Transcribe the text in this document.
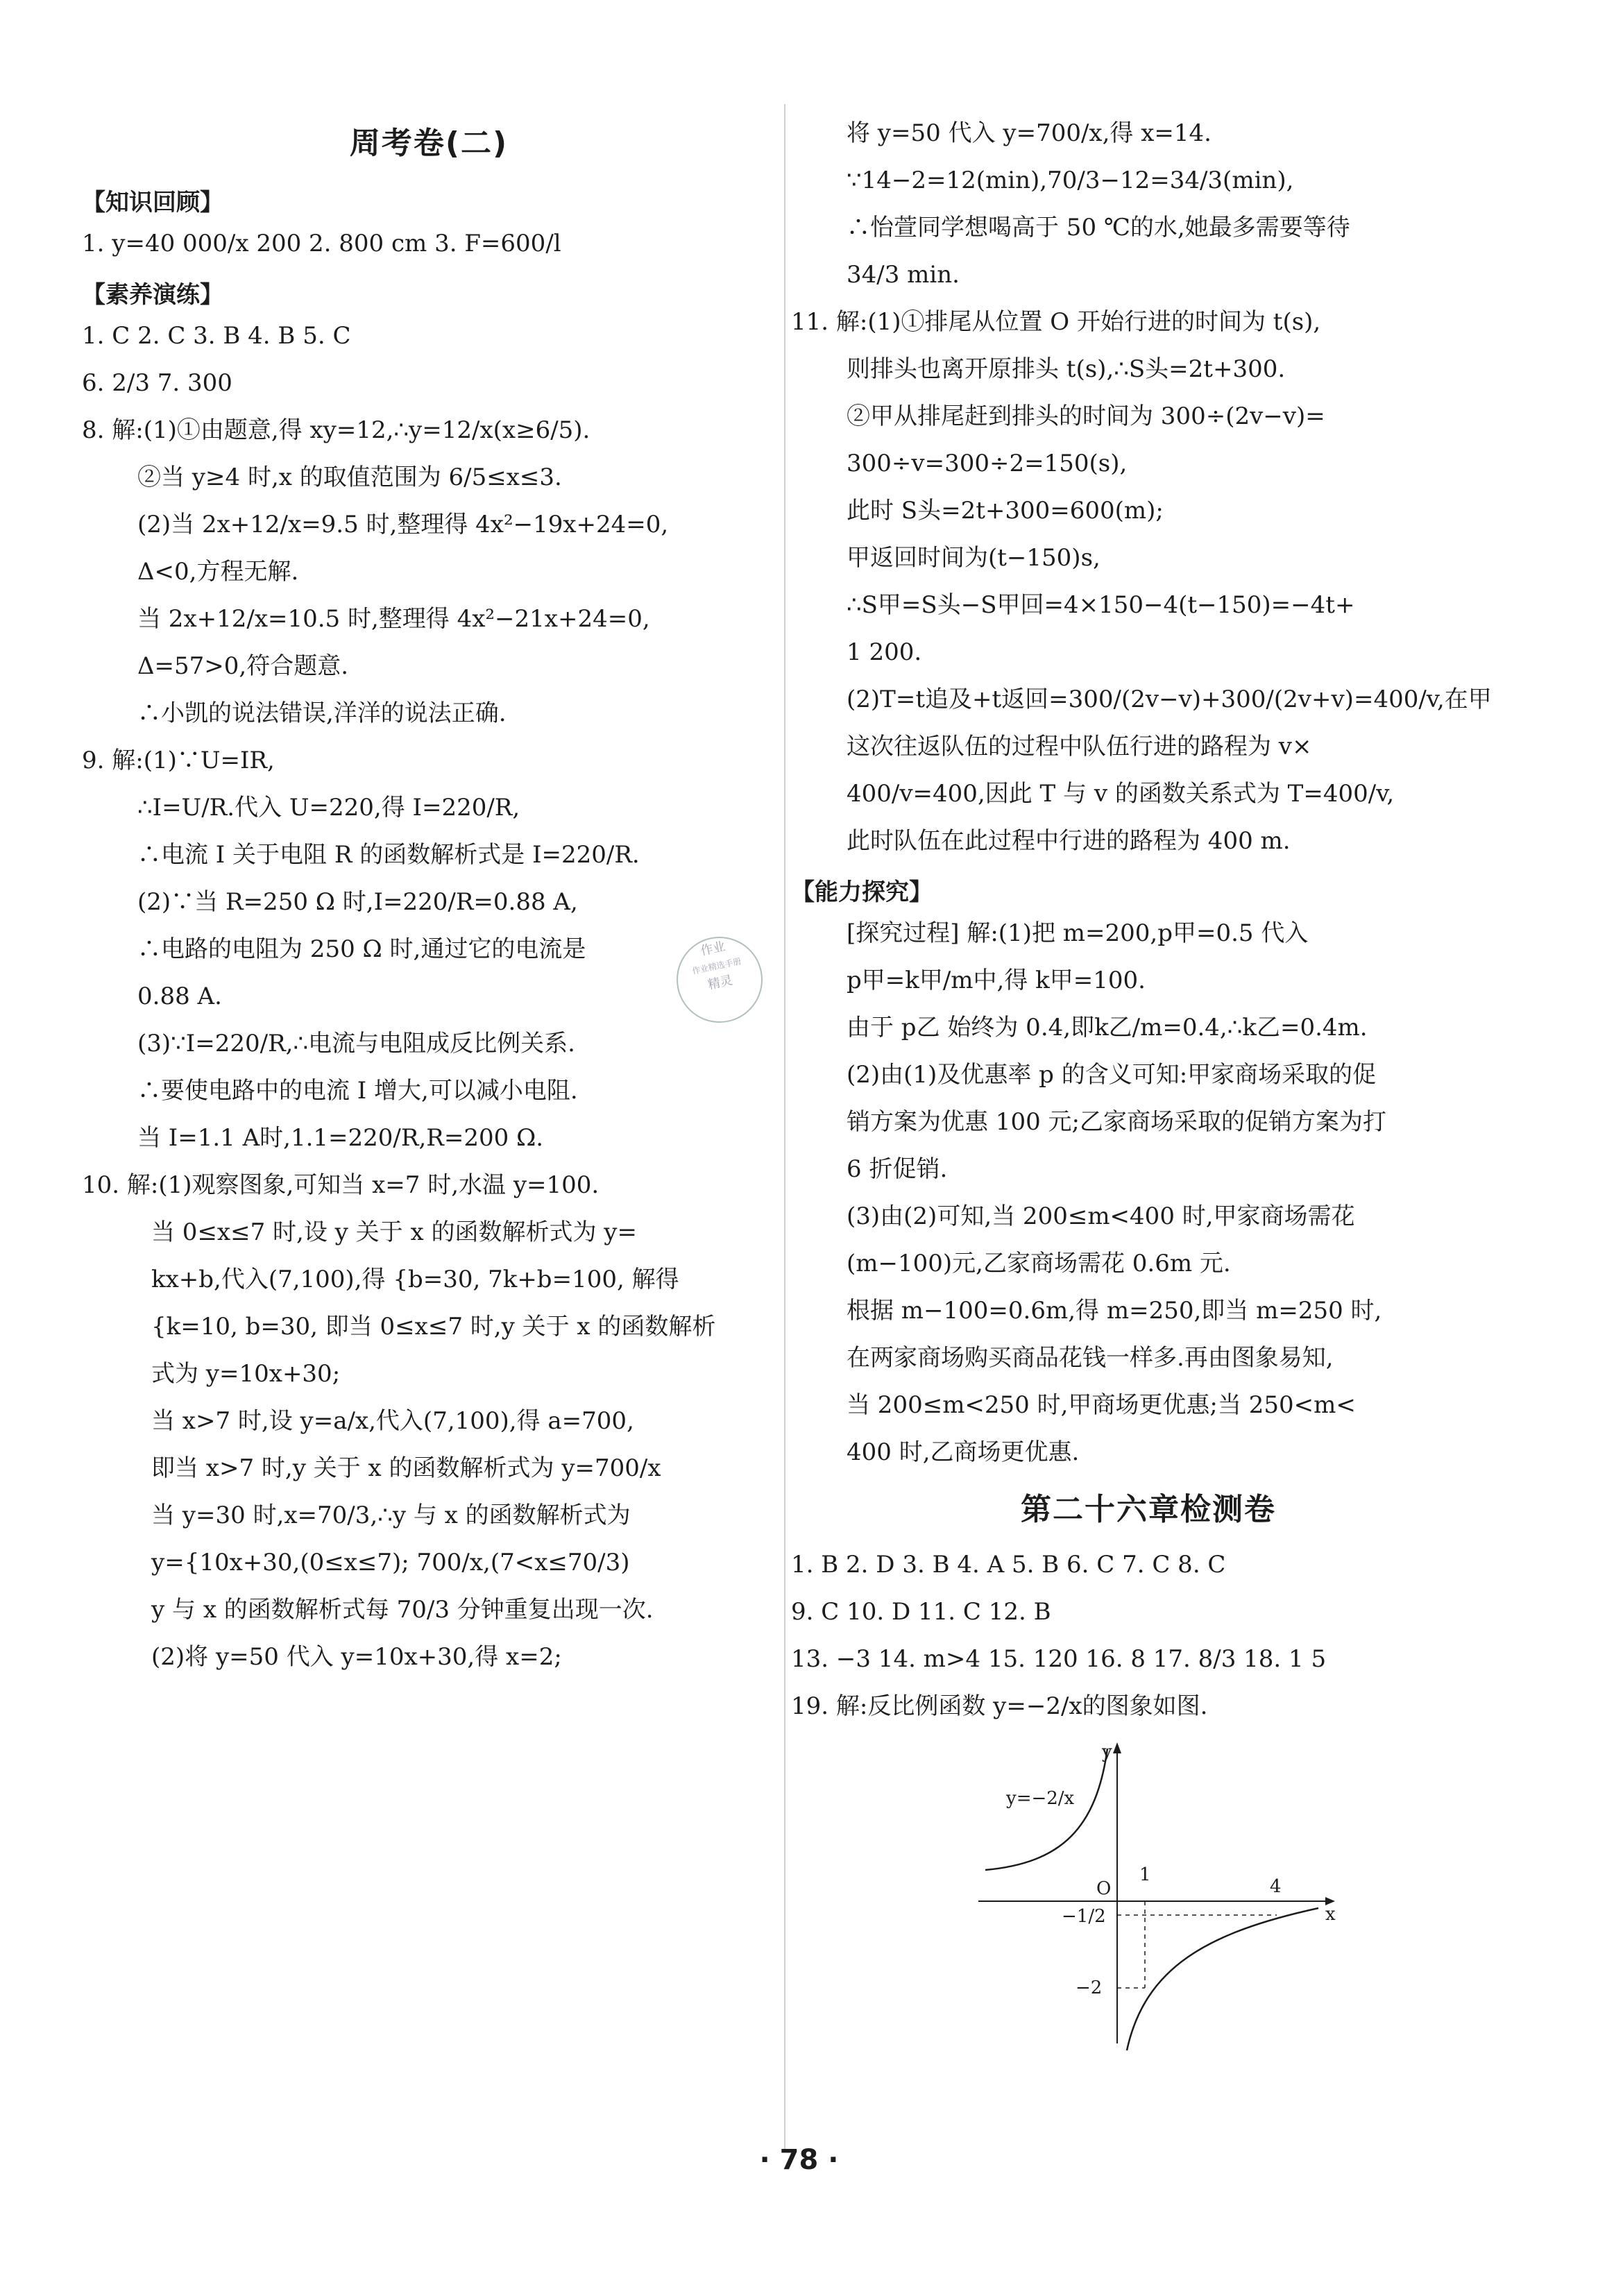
周考卷(二)
【知识回顾】
1. y=40 000/x 200 2. 800 cm 3. F=600/l
【素养演练】
1. C 2. C 3. B 4. B 5. C
6. 2/3 7. 300
8. 解:(1)①由题意,得 xy=12,∴y=12/x(x≥6/5).
②当 y≥4 时,x 的取值范围为 6/5≤x≤3.
(2)当 2x+12/x=9.5 时,整理得 4x²−19x+24=0,
Δ<0,方程无解.
当 2x+12/x=10.5 时,整理得 4x²−21x+24=0,
Δ=57>0,符合题意.
∴小凯的说法错误,洋洋的说法正确.
9. 解:(1)∵U=IR,
∴I=U/R.代入 U=220,得 I=220/R,
∴电流 I 关于电阻 R 的函数解析式是 I=220/R.
(2)∵当 R=250 Ω 时,I=220/R=0.88 A,
∴电路的电阻为 250 Ω 时,通过它的电流是
0.88 A.
(3)∵I=220/R,∴电流与电阻成反比例关系.
∴要使电路中的电流 I 增大,可以减小电阻.
当 I=1.1 A时,1.1=220/R,R=200 Ω.
10. 解:(1)观察图象,可知当 x=7 时,水温 y=100.
当 0≤x≤7 时,设 y 关于 x 的函数解析式为 y=
kx+b,代入(7,100),得 {b=30, 7k+b=100, 解得
{k=10, b=30, 即当 0≤x≤7 时,y 关于 x 的函数解析
式为 y=10x+30;
当 x>7 时,设 y=a/x,代入(7,100),得 a=700,
即当 x>7 时,y 关于 x 的函数解析式为 y=700/x
当 y=30 时,x=70/3,∴y 与 x 的函数解析式为
y={10x+30,(0≤x≤7); 700/x,(7<x≤70/3)
y 与 x 的函数解析式每 70/3 分钟重复出现一次.
(2)将 y=50 代入 y=10x+30,得 x=2;
作业
作业精选手册
精灵
将 y=50 代入 y=700/x,得 x=14.
∵14−2=12(min),70/3−12=34/3(min),
∴怡萱同学想喝高于 50 ℃的水,她最多需要等待
34/3 min.
11. 解:(1)①排尾从位置 O 开始行进的时间为 t(s),
则排头也离开原排头 t(s),∴S头=2t+300.
②甲从排尾赶到排头的时间为 300÷(2v−v)=
300÷v=300÷2=150(s),
此时 S头=2t+300=600(m);
甲返回时间为(t−150)s,
∴S甲=S头−S甲回=4×150−4(t−150)=−4t+
1 200.
(2)T=t追及+t返回=300/(2v−v)+300/(2v+v)=400/v,在甲
这次往返队伍的过程中队伍行进的路程为 v×
400/v=400,因此 T 与 v 的函数关系式为 T=400/v,
此时队伍在此过程中行进的路程为 400 m.
【能力探究】
[探究过程] 解:(1)把 m=200,p甲=0.5 代入
p甲=k甲/m中,得 k甲=100.
由于 p乙 始终为 0.4,即k乙/m=0.4,∴k乙=0.4m.
(2)由(1)及优惠率 p 的含义可知:甲家商场采取的促
销方案为优惠 100 元;乙家商场采取的促销方案为打
6 折促销.
(3)由(2)可知,当 200≤m<400 时,甲家商场需花
(m−100)元,乙家商场需花 0.6m 元.
根据 m−100=0.6m,得 m=250,即当 m=250 时,
在两家商场购买商品花钱一样多.再由图象易知,
当 200≤m<250 时,甲商场更优惠;当 250<m<
400 时,乙商场更优惠.
第二十六章检测卷
1. B 2. D 3. B 4. A 5. B 6. C 7. C 8. C
9. C 10. D 11. C 12. B
13. −3 14. m>4 15. 120 16. 8 17. 8/3 18. 1 5
19. 解:反比例函数 y=−2/x的图象如图.
y=−2/x
y
x
O
1
4
−1/2
−2
· 78 ·
